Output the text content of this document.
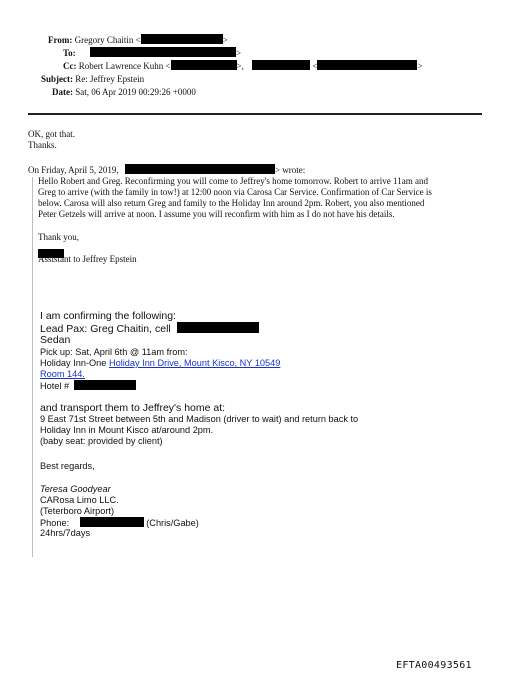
From: Gregory Chaitin <	>
To:	>
Cc: Robert Lawrence Kuhn <	>,	<	>
Subject: Re: Jeffrey Epstein
Date: Sat, 06 Apr 2019 00:29:26 +0000
OK, got that.
Thanks.
On Friday, April 5, 2019,	> wrote:
Hello Robert and Greg. Reconfirming you will come to Jeffrey's home tomorrow. Robert to arrive 11am and
Greg to arrive (with the family in tow!) at 12:00 noon via Carosa Car Service. Confirmation of Car Service is
below. Carosa will also return Greg and family to the Holiday Inn around 2pm. Robert, you also mentioned
Peter Getzels will arrive at noon. I assume you will reconfirm with him as I do not have his details.
Thank you,
Assistant to Jeffrey Epstein
I am confirming the following:
Lead Pax: Greg Chaitin, cell
Sedan
Pick up: Sat, April 6th @ 11am from:
Holiday Inn-One Holiday Inn Drive, Mount Kisco, NY 10549
Room 144.
Hotel #
and transport them to Jeffrey's home at:
9 East 71st Street between 5th and Madison (driver to wait) and return back to
Holiday Inn in Mount Kisco at/around 2pm.
(baby seat: provided by client)
Best regards,
Teresa Goodyear
CARosa Limo LLC.
(Teterboro Airport)
Phone:	(Chris/Gabe)
24hrs/7days
EFTA00493561
